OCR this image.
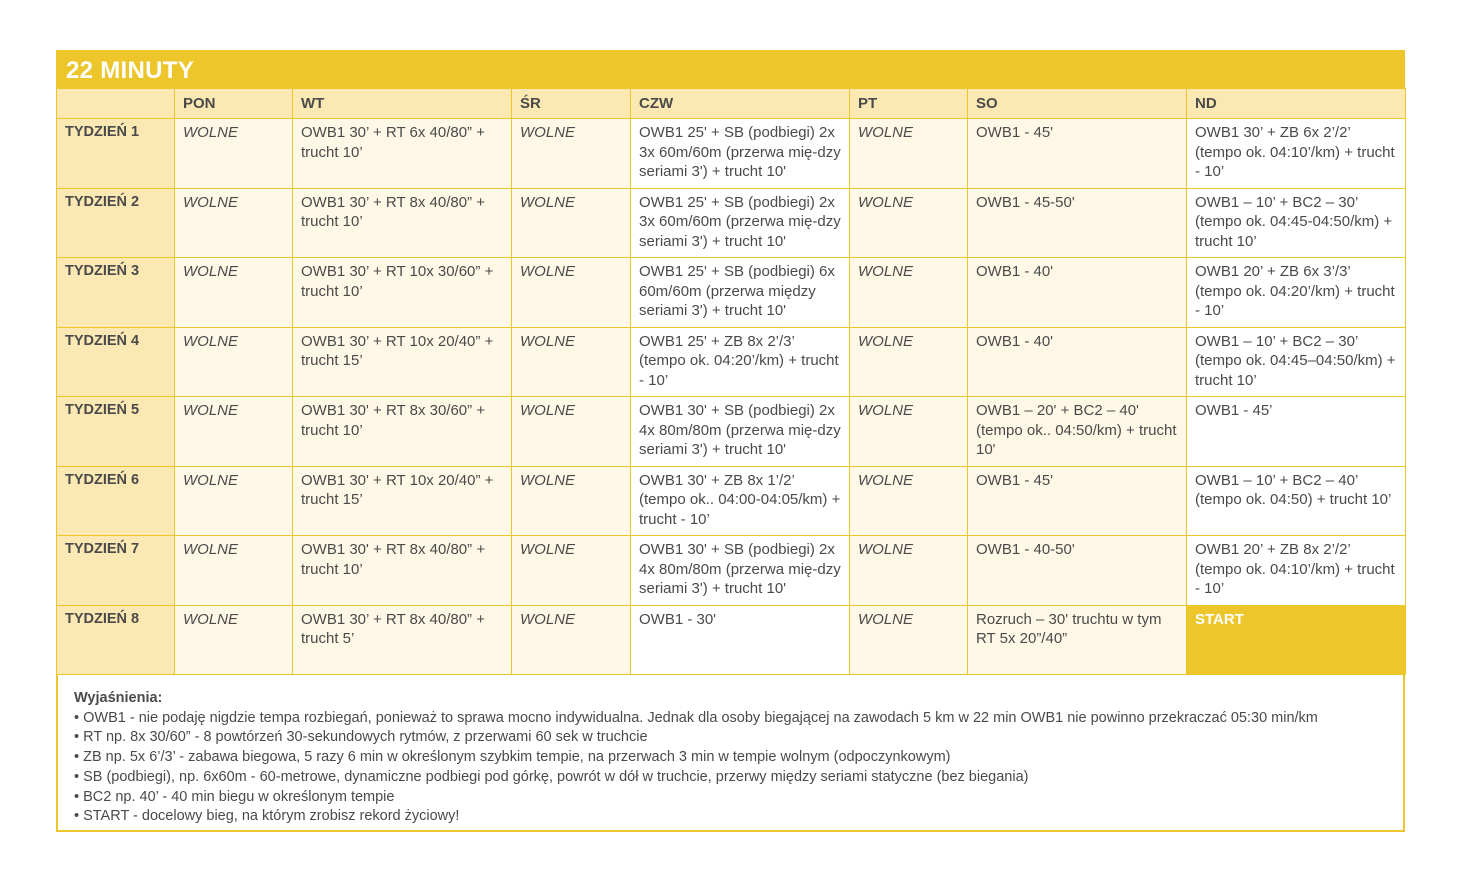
22 MINUTY
	PON	WT	ŚR	CZW	PT	SO	ND
TYDZIEŃ 1	WOLNE	OWB1 30’ + RT 6x 40/80” + trucht 10’	WOLNE	OWB1 25' + SB (podbiegi) 2x 3x 60m/60m (przerwa mię-dzy seriami 3') + trucht 10'	WOLNE	OWB1 - 45'	OWB1 30’ + ZB 6x 2’/2’ (tempo ok. 04:10’/km) + trucht - 10’
TYDZIEŃ 2	WOLNE	OWB1 30’ + RT 8x 40/80” + trucht 10’	WOLNE	OWB1 25' + SB (podbiegi) 2x 3x 60m/60m (przerwa mię-dzy seriami 3') + trucht 10'	WOLNE	OWB1 - 45-50'	OWB1 – 10’ + BC2 – 30’ (tempo ok. 04:45-04:50/km) + trucht 10’
TYDZIEŃ 3	WOLNE	OWB1 30’ + RT 10x 30/60” + trucht 10’	WOLNE	OWB1 25' + SB (podbiegi) 6x 60m/60m (przerwa między seriami 3') + trucht 10'	WOLNE	OWB1 - 40'	OWB1 20’ + ZB 6x 3’/3’ (tempo ok. 04:20’/km) + trucht - 10’
TYDZIEŃ 4	WOLNE	OWB1 30’ + RT 10x 20/40” + trucht 15’	WOLNE	OWB1 25' + ZB 8x 2’/3’ (tempo ok. 04:20’/km) + trucht - 10’	WOLNE	OWB1 - 40'	OWB1 – 10’ + BC2 – 30’ (tempo ok. 04:45–04:50/km) + trucht 10’
TYDZIEŃ 5	WOLNE	OWB1 30' + RT 8x 30/60” + trucht 10’	WOLNE	OWB1 30' + SB (podbiegi) 2x 4x 80m/80m (przerwa mię-dzy seriami 3') + trucht 10'	WOLNE	OWB1 – 20' + BC2 – 40' (tempo ok.. 04:50/km) + trucht 10'	OWB1 - 45’
TYDZIEŃ 6	WOLNE	OWB1 30' + RT 10x 20/40” + trucht 15’	WOLNE	OWB1 30' + ZB 8x 1’/2’ (tempo ok.. 04:00-04:05/km) + trucht - 10’	WOLNE	OWB1 - 45'	OWB1 – 10’ + BC2 – 40’ (tempo ok. 04:50) + trucht 10’
TYDZIEŃ 7	WOLNE	OWB1 30' + RT 8x 40/80” + trucht 10’	WOLNE	OWB1 30' + SB (podbiegi) 2x 4x 80m/80m (przerwa mię-dzy seriami 3') + trucht 10'	WOLNE	OWB1 - 40-50'	OWB1 20’ + ZB 8x 2’/2’ (tempo ok. 04:10’/km) + trucht - 10’
TYDZIEŃ 8	WOLNE	OWB1 30’ + RT 8x 40/80” + trucht 5’	WOLNE	OWB1 - 30'	WOLNE	Rozruch – 30' truchtu w tym RT 5x 20”/40”	START
Wyjaśnienia:
• OWB1 - nie podaję nigdzie tempa rozbiegań, ponieważ to sprawa mocno indywidualna. Jednak dla osoby biegającej na zawodach 5 km w 22 min OWB1 nie powinno przekraczać 05:30 min/km
• RT np. 8x 30/60” - 8 powtórzeń 30-sekundowych rytmów, z przerwami 60 sek w truchcie
• ZB np. 5x 6’/3’ - zabawa biegowa, 5 razy 6 min w określonym szybkim tempie, na przerwach 3 min w tempie wolnym (odpoczynkowym)
• SB (podbiegi), np. 6x60m - 60-metrowe, dynamiczne podbiegi pod górkę, powrót w dół w truchcie, przerwy między seriami statyczne (bez biegania)
• BC2 np. 40’ - 40 min biegu w określonym tempie
• START - docelowy bieg, na którym zrobisz rekord życiowy!
